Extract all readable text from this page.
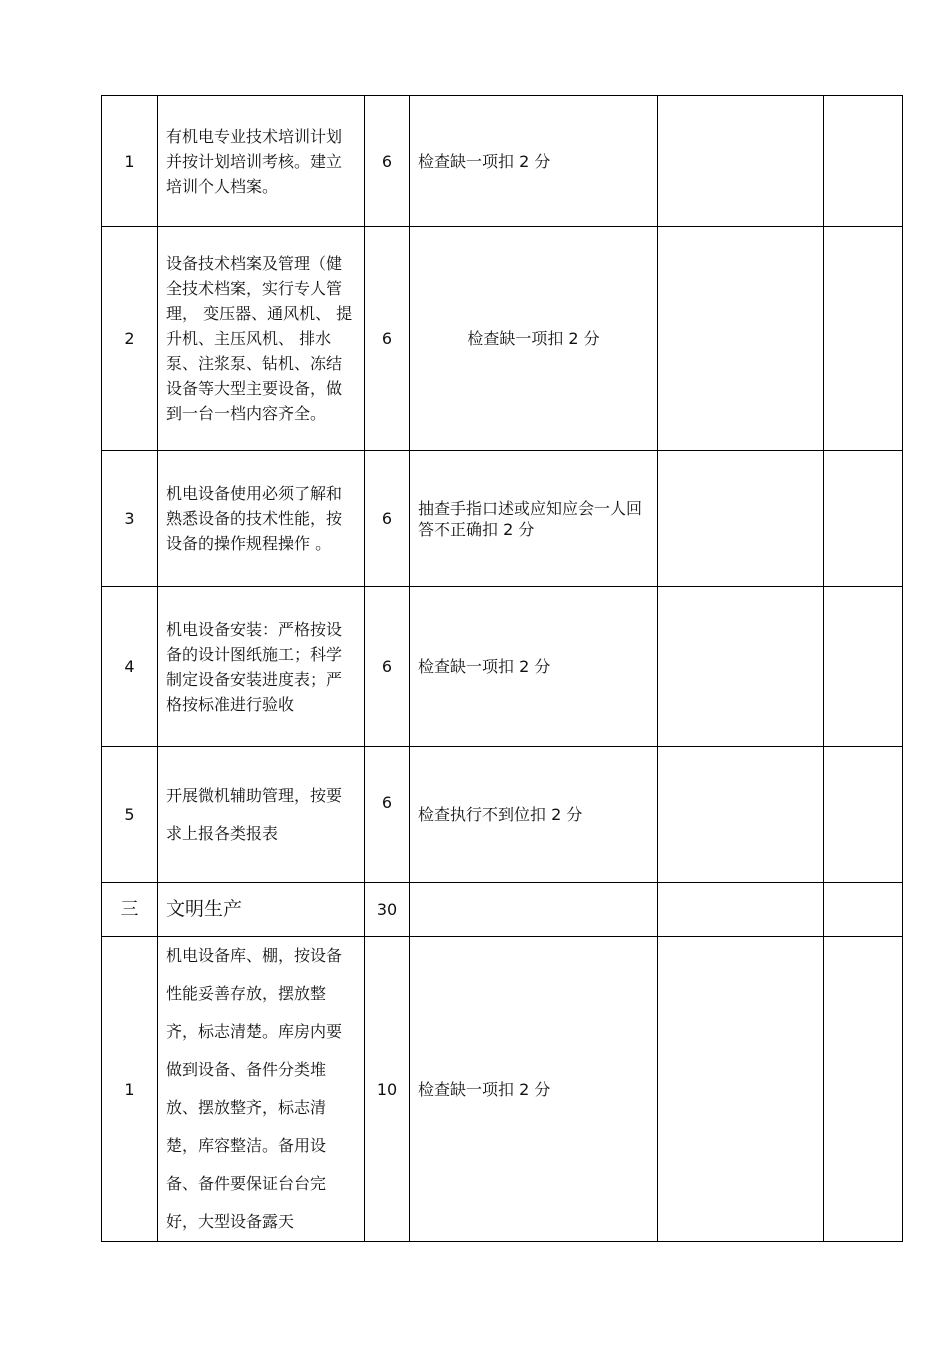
1	有机电专业技术培训计划并按计划培训考核。建立培训个人档案。	6	检查缺一项扣 2 分		
2	设备技术档案及管理（健全技术档案，实行专人管理， 变压器、通风机、 提升机、主压风机、 排水泵、注浆泵、钻机、冻结设备等大型主要设备，做到一台一档内容齐全。	6	检查缺一项扣 2 分		
3	机电设备使用必须了解和熟悉设备的技术性能，按设备的操作规程操作 。	6	抽查手指口述或应知应会一人回答不正确扣 2 分		
4	机电设备安装：严格按设备的设计图纸施工；科学制定设备安装进度表；严格按标准进行验收	6	检查缺一项扣 2 分		
5	开展微机辅助管理，按要求上报各类报表	6	检查执行不到位扣 2 分		
三	文明生产	30			
1	机电设备库、棚，按设备性能妥善存放，摆放整齐，标志清楚。库房内要做到设备、备件分类堆放、摆放整齐，标志清楚，库容整洁。备用设备、备件要保证台台完好，大型设备露天	10	检查缺一项扣 2 分		
